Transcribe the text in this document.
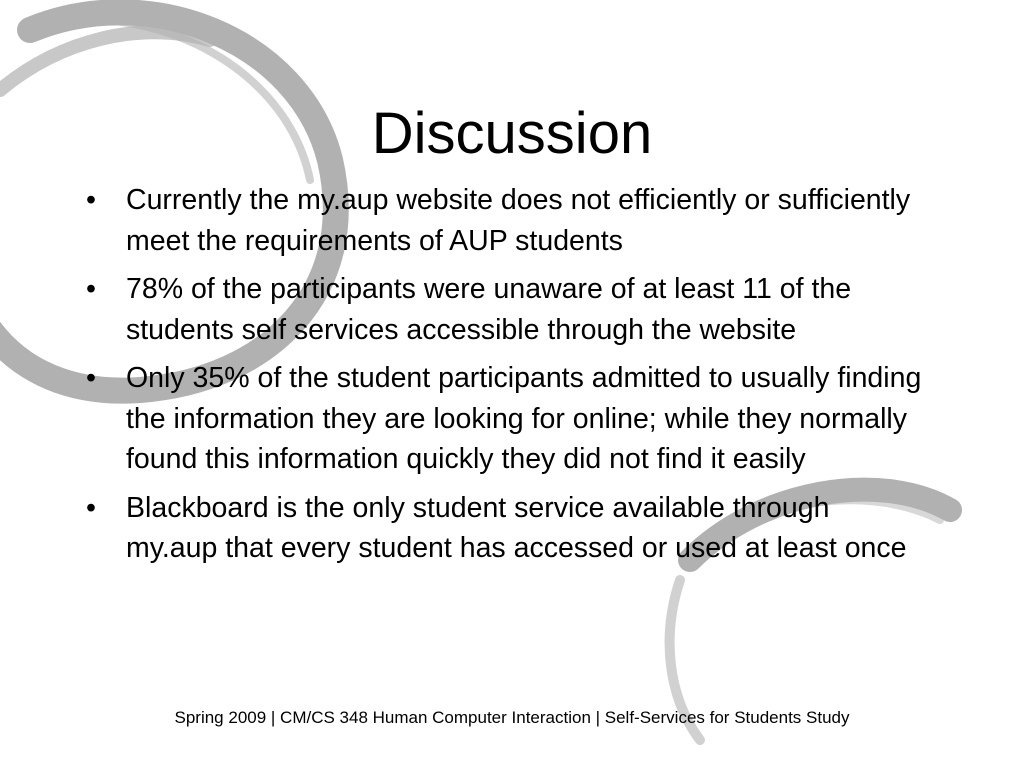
Discussion
• Currently the my.aup website does not efficiently or sufficiently meet the requirements of AUP students
• 78% of the participants were unaware of at least 11 of the students self services accessible through the website
• Only 35% of the student participants admitted to usually finding the information they are looking for online; while they normally found this information quickly they did not find it easily
• Blackboard is the only student service available through my.aup that every student has accessed or used at least once
Spring 2009 | CM/CS 348 Human Computer Interaction | Self-Services for Students Study
